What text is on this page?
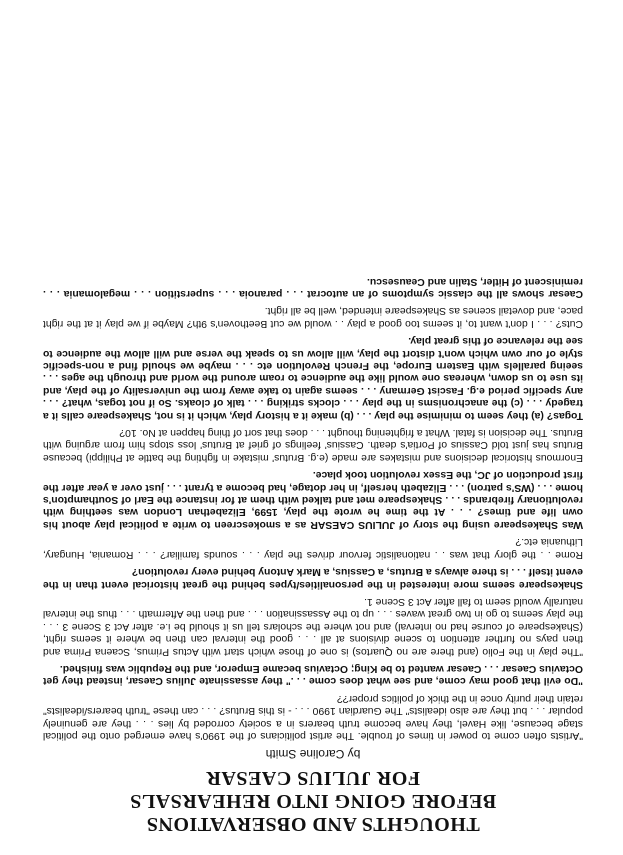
THOUGHTS AND OBSERVATIONS
BEFORE GOING INTO REHEARSALS
FOR JULIUS CAESAR
by Caroline Smith

"Artists often come to power in times of trouble. The artist politicians of the 1990's have emerged onto the political stage because, like Havel, they have become truth bearers in a society corroded by lies . . . they are genuinely popular . . . but they are also idealists" The Guardian 1990 . . . - is this Brutus? . . . can these "truth bearers/idealists" retain their purity once in the thick of politics proper??

"Do evil that good may come, and see what does come . . ." they assassinate Julius Caesar, instead they get Octavius Caesar . . . Caesar wanted to be King; Octavius became Emperor, and the Republic was finished.

"The play in the Folio (and there are no Quartos) is one of those which start with Actus Primus, Scaena Prima and then pays no further attention to scene divisions at all . . . good the interval can then be where it seems right, (Shakespeare of course had no interval) and not where the scholars tell us it should be i.e. after Act 3 Scene 3 . . . the play seems to go in two great waves . . . up to the Assassination . . . and then the Aftermath . . . thus the interval naturally would seem to fall after Act 3 Scene 1.

Shakespeare seems more interested in the personalities/types behind the great historical event than in the event itself . . . is there always a Brutus, a Cassius, a Mark Antony behind every revolution?

Rome . . the glory that was . . nationalistic fervour drives the play . . . sounds familiar? . . . Romania, Hungary, Lithuania etc.?

Was Shakespeare using the story of JULIUS CAESAR as a smokescreen to write a political play about his own life and times? . . . At the time he wrote the play, 1599, Elizabethan London was seething with revolutionary firebrands . . . Shakespeare met and talked with them at for instance the Earl of Southampton's home . . . (WS's patron) . . . Elizabeth herself, in her dotage, had become a tyrant . . . just over a year after the first production of JC, the Essex revolution took place.

Enormous historical decisions and mistakes are made (e.g. Brutus' mistake in fighting the battle at Philippi) because Brutus has just told Cassius of Portia's death. Cassius' feelings of grief at Brutus' loss stops him from arguing with Brutus. The decision is fatal. What a frightening thought . . . does that sort of thing happen at No. 10?

Togas? (a) they seem to minimise the play . . . (b) make it a history play, which it is not, Shakespeare calls it a tragedy . . . (c) the anachronisms in the play . . . clocks striking . . . talk of cloaks. So if not togas, what? . . . any specific period e.g. Fascist Germany . . . seems again to take away from the universality of the play, and its use to us down, whereas one would like the audience to roam around the world and through the ages . . . seeing parallels with Eastern Europe, the French Revolution etc . . . maybe we should find a non-specific style of our own which won't distort the play, will allow us to speak the verse and will allow the audience to see the relevance of this great play.

Cuts? . . . I don't want to, it seems too good a play . . would we cut Beethoven's 9th? Maybe if we play it at the right pace, and dovetail scenes as Shakespeare intended, well be all right.

Caesar shows all the classic symptoms of an autocrat . . . paranoia . . . superstition . . . megalomania . . . reminiscent of Hitler, Stalin and Ceausescu.
